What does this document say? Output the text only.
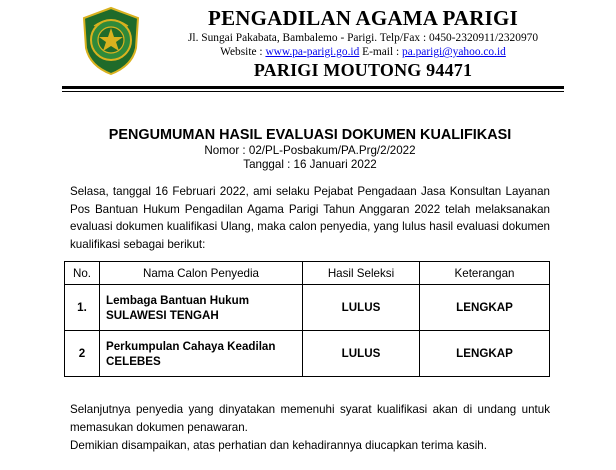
PENGADILAN AGAMA PARIGI
Jl. Sungai Pakabata, Bambalemo - Parigi. Telp/Fax : 0450-2320911/2320970
Website : www.pa-parigi.go.id E-mail : pa.parigi@yahoo.co.id
PARIGI MOUTONG 94471
PENGUMUMAN HASIL EVALUASI DOKUMEN KUALIFIKASI
Nomor : 02/PL-Posbakum/PA.Prg/2/2022
Tanggal : 16 Januari 2022
Selasa, tanggal 16 Februari 2022, ami selaku Pejabat Pengadaan Jasa Konsultan Layanan Pos Bantuan Hukum Pengadilan Agama Parigi Tahun Anggaran 2022 telah melaksanakan evaluasi dokumen kualifikasi Ulang, maka calon penyedia, yang lulus hasil evaluasi dokumen kualifikasi sebagai berikut:
No.	Nama Calon Penyedia	Hasil Seleksi	Keterangan
1.	Lembaga Bantuan Hukum
SULAWESI TENGAH	LULUS	LENGKAP
2	Perkumpulan Cahaya Keadilan
CELEBES	LULUS	LENGKAP
Selanjutnya penyedia yang dinyatakan memenuhi syarat kualifikasi akan di undang untuk memasukan dokumen penawaran.
Demikian disampaikan, atas perhatian dan kehadirannya diucapkan terima kasih.
